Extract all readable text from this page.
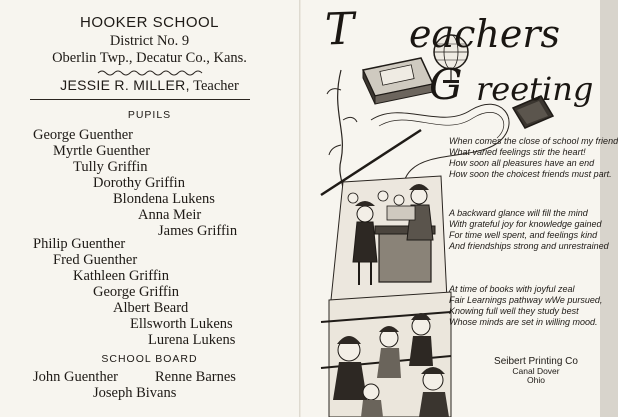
HOOKER SCHOOL
District No. 9
Oberlin Twp., Decatur Co., Kans.
JESSIE R. MILLER, Teacher
PUPILS
George Guenther
Myrtle Guenther
Tully Griffin
Dorothy Griffin
Blondena Lukens
Anna Meir
James Griffin
Philip Guenther
Fred Guenther
Kathleen Griffin
George Griffin
Albert Beard
Ellsworth Lukens
Lurena Lukens
SCHOOL BOARD
John Guenther	Renne Barnes
Joseph Bivans
T eachers
G reeting
When comes the close of school my friend
What varied feelings stir the heart!
How soon all pleasures have an end
How soon the choicest friends must part.
A backward glance will fill the mind
With grateful joy for knowledge gained
For time well spent, and feelings kind
And friendships strong and unrestrained
At time of books with joyful zeal
Fair Learnings pathway wWe pursued,
Knowing full well they study best
Whose minds are set in willing mood.
Seibert Printing Co
Canal Dover
Ohio
